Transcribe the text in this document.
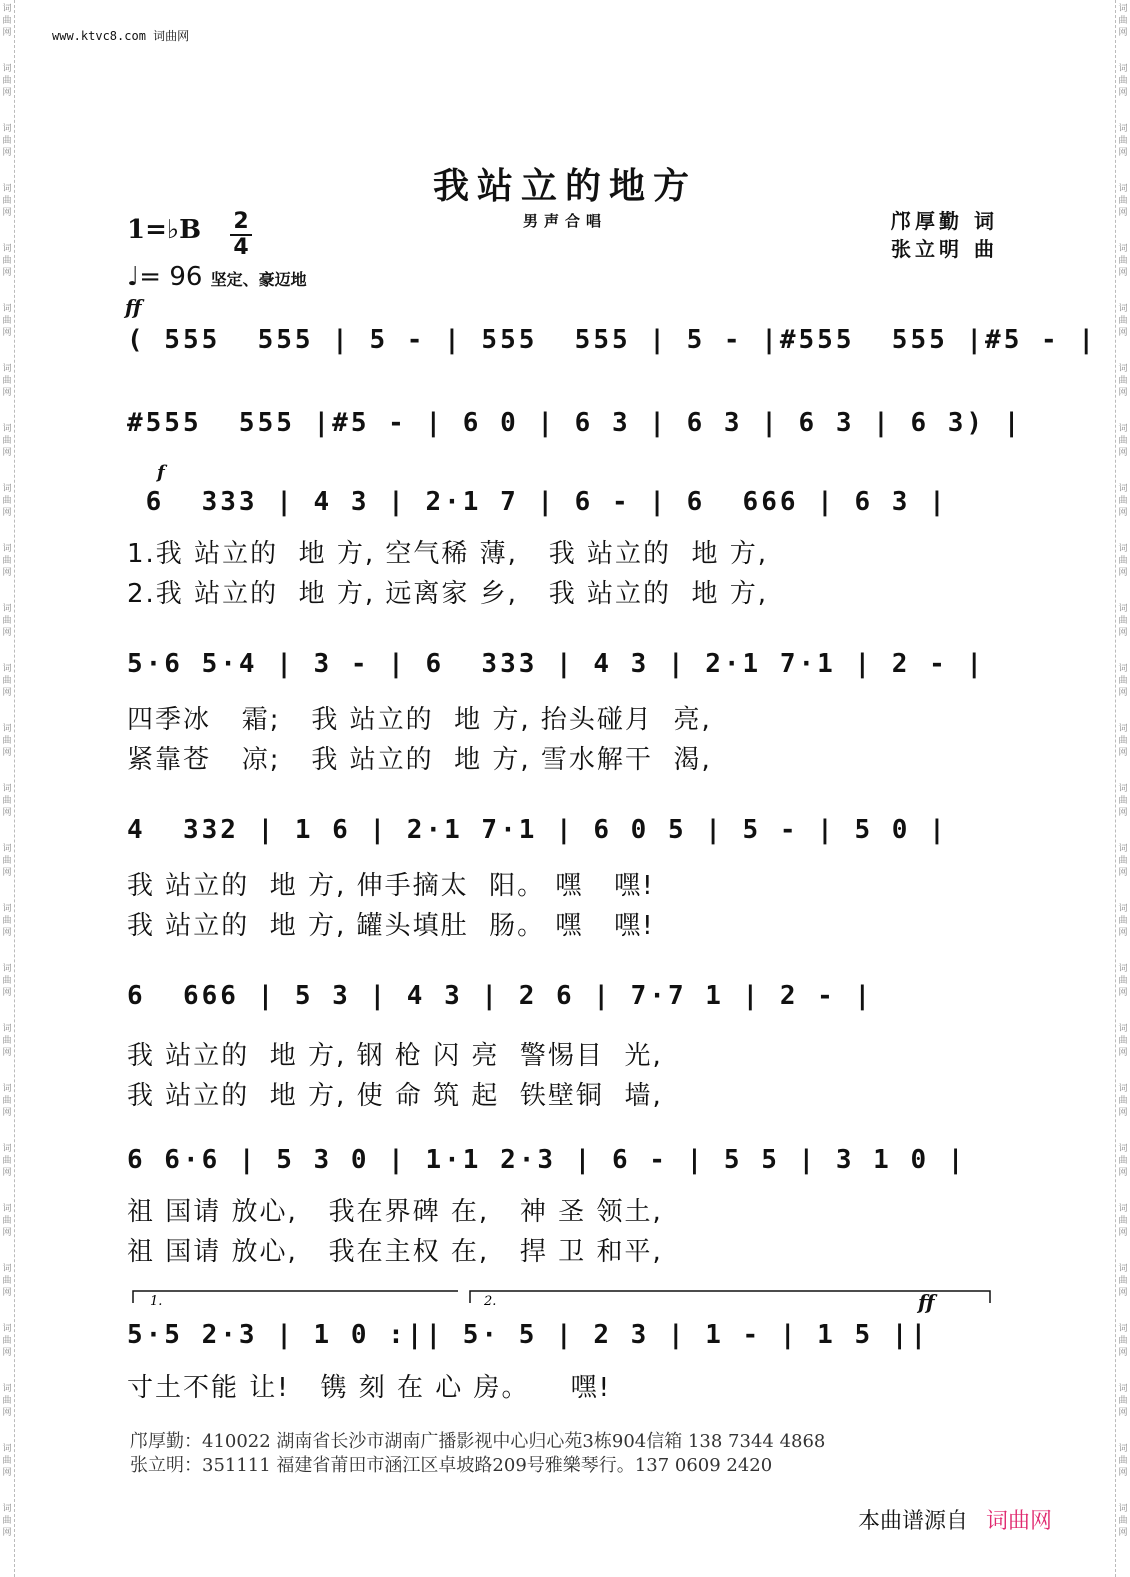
词
曲
网
词
曲
网
词
曲
网
词
曲
网
词
曲
网
词
曲
网
词
曲
网
词
曲
网
词
曲
网
词
曲
网
词
曲
网
词
曲
网
词
曲
网
词
曲
网
词
曲
网
词
曲
网
词
曲
网
词
曲
网
词
曲
网
词
曲
网
词
曲
网
词
曲
网
词
曲
网
词
曲
网
词
曲
网
词
曲
网
词
曲
网
词
曲
网
词
曲
网
词
曲
网
词
曲
网
词
曲
网
词
曲
网
词
曲
网
词
曲
网
词
曲
网
词
曲
网
词
曲
网
词
曲
网
词
曲
网
词
曲
网
词
曲
网
词
曲
网
词
曲
网
词
曲
网
词
曲
网
词
曲
网
词
曲
网
词
曲
网
词
曲
网
词
曲
网
词
曲
网
www.ktvc8.com 词曲网
我站立的地方
男声合唱	邝厚勤 词
张立明 曲
1=♭B $\frac{2}{4}$
♩= 96 坚定、豪迈地
ff
f
ff
( 555  555 | 5 - | 555  555 | 5 - |#555  555 |#5 - |
#555  555 |#5 - | 6 0 | 6 3 | 6 3 | 6 3 | 6 3) |
6  333 | 4 3 | 2·1 7 | 6 - | 6  666 | 6 3 |
1.我 站立的  地 方, 空气稀 薄,   我 站立的  地 方,
2.我 站立的  地 方, 远离家 乡,   我 站立的  地 方,
5·6 5·4 | 3 - | 6  333 | 4 3 | 2·1 7·1 | 2 - |
四季冰   霜;   我 站立的  地 方, 抬头碰月  亮,
紧靠苍   凉;   我 站立的  地 方, 雪水解干  渴,
4  332 | 1 6 | 2·1 7·1 | 6 0 5 | 5 - | 5 0 |
我 站立的  地 方, 伸手摘太  阳。 嘿   嘿!
我 站立的  地 方, 罐头填肚  肠。 嘿   嘿!
6  666 | 5 3 | 4 3 | 2 6 | 7·7 1 | 2 - |
我 站立的  地 方, 钢 枪 闪 亮  警惕目  光,
我 站立的  地 方, 使 命 筑 起  铁壁铜  墙,
6 6·6 | 5 3 0 | 1·1 2·3 | 6 - | 5 5 | 3 1 0 |
祖 国请 放心,   我在界碑 在,   神 圣 领土,
祖 国请 放心,   我在主权 在,   捍 卫 和平,
5·5 2·3 | 1 0 :|| 5· 5 | 2 3 | 1 - | 1 5 ||
寸土不能 让!   镌 刻 在 心 房。    嘿!
1.	2.
邝厚勤：410022 湖南省长沙市湖南广播影视中心归心苑3栋904信箱 138 7344 4868
张立明：351111 福建省莆田市涵江区卓坡路209号雅樂琴行。137 0609 2420
本曲谱源自 词曲网
